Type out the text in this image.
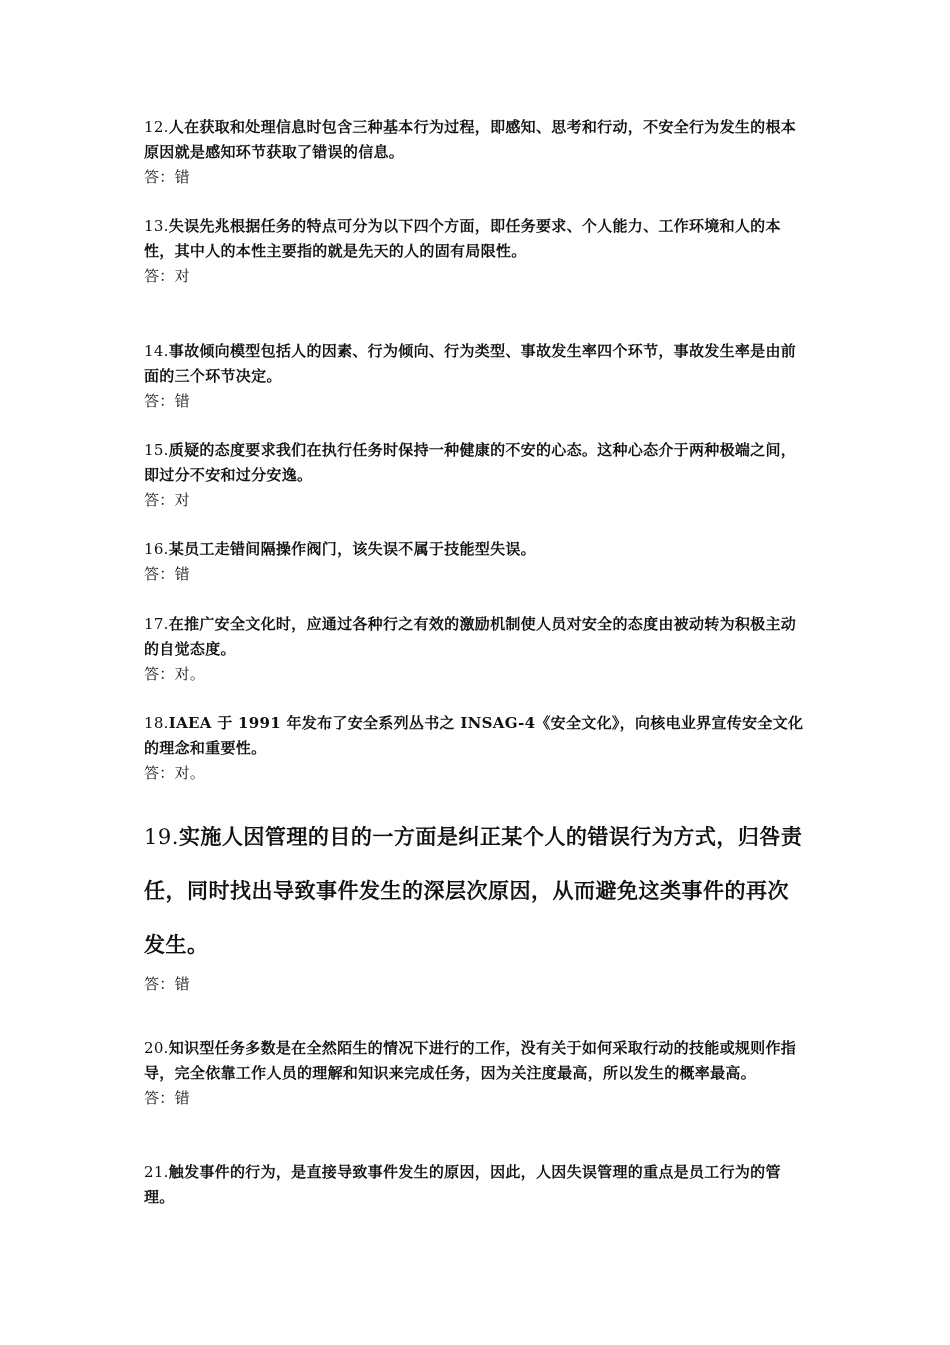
12.人在获取和处理信息时包含三种基本行为过程，即感知、思考和行动，不安全行为发生的根本原因就是感知环节获取了错误的信息。

答：错

13.失误先兆根据任务的特点可分为以下四个方面，即任务要求、个人能力、工作环境和人的本性，其中人的本性主要指的就是先天的人的固有局限性。

答：对

14.事故倾向模型包括人的因素、行为倾向、行为类型、事故发生率四个环节，事故发生率是由前面的三个环节决定。

答：错

15.质疑的态度要求我们在执行任务时保持一种健康的不安的心态。这种心态介于两种极端之间，即过分不安和过分安逸。

答：对

16.某员工走错间隔操作阀门，该失误不属于技能型失误。

答：错

17.在推广安全文化时，应通过各种行之有效的激励机制使人员对安全的态度由被动转为积极主动的自觉态度。

答：对。

18.IAEA 于 1991 年发布了安全系列丛书之 INSAG-4《安全文化》，向核电业界宣传安全文化的理念和重要性。

答：对。

19.实施人因管理的目的一方面是纠正某个人的错误行为方式，归咎责任，同时找出导致事件发生的深层次原因，从而避免这类事件的再次发生。

答：错

20.知识型任务多数是在全然陌生的情况下进行的工作，没有关于如何采取行动的技能或规则作指导，完全依靠工作人员的理解和知识来完成任务，因为关注度最高，所以发生的概率最高。

答：错

21.触发事件的行为，是直接导致事件发生的原因，因此，人因失误管理的重点是员工行为的管理。
